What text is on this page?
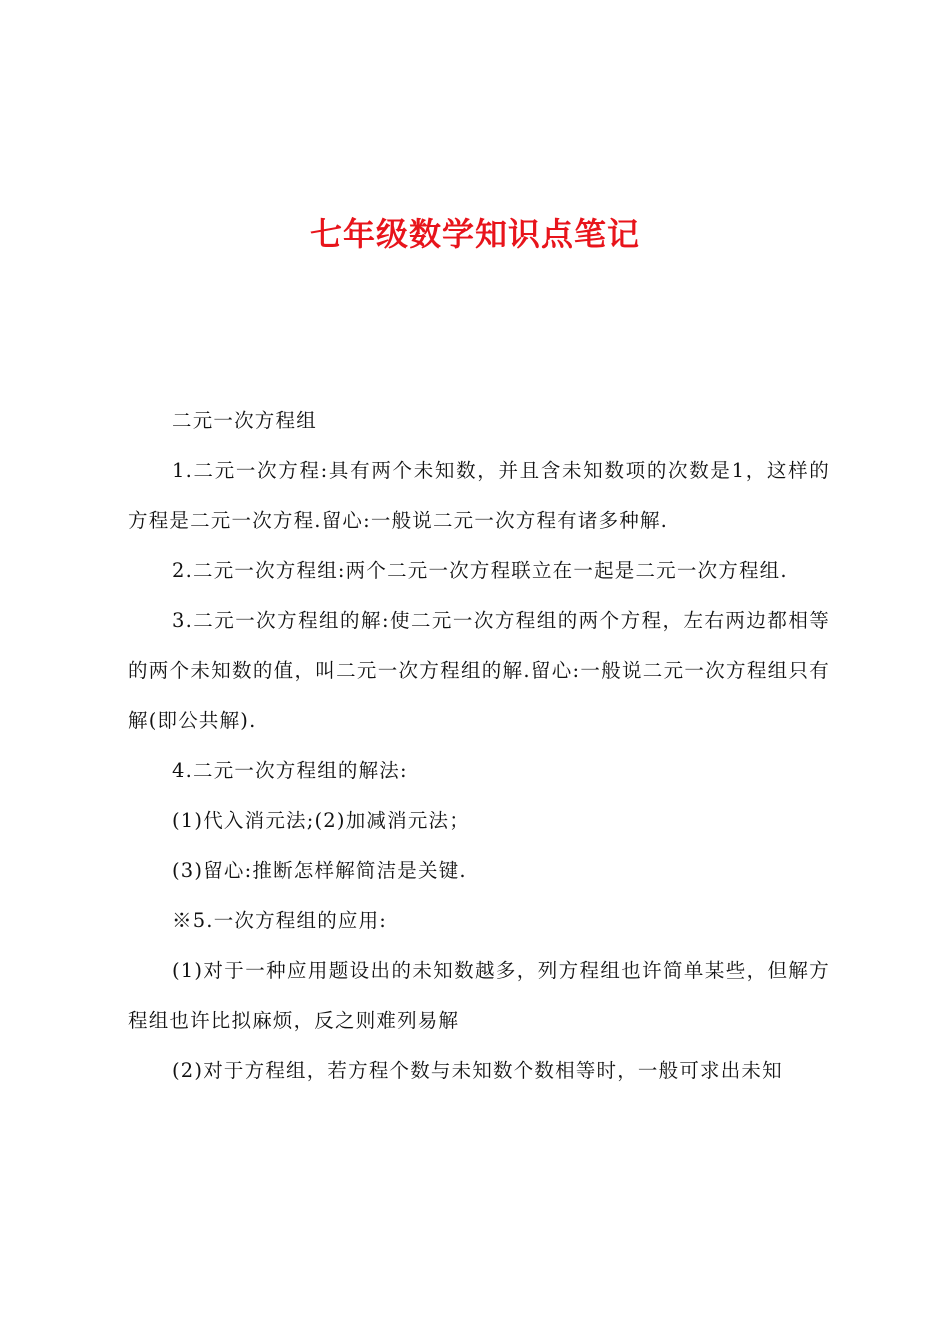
七年级数学知识点笔记

二元一次方程组

1.二元一次方程:具有两个未知数，并且含未知数项的次数是1，这样的方程是二元一次方程.留心:一般说二元一次方程有诸多种解.

2.二元一次方程组:两个二元一次方程联立在一起是二元一次方程组.

3.二元一次方程组的解:使二元一次方程组的两个方程，左右两边都相等的两个未知数的值，叫二元一次方程组的解.留心:一般说二元一次方程组只有解(即公共解).

4.二元一次方程组的解法:

(1)代入消元法;(2)加减消元法；

(3)留心:推断怎样解简洁是关键.

※5.一次方程组的应用:

(1)对于一种应用题设出的未知数越多，列方程组也许简单某些，但解方程组也许比拟麻烦，反之则难列易解

(2)对于方程组，若方程个数与未知数个数相等时，一般可求出未知
